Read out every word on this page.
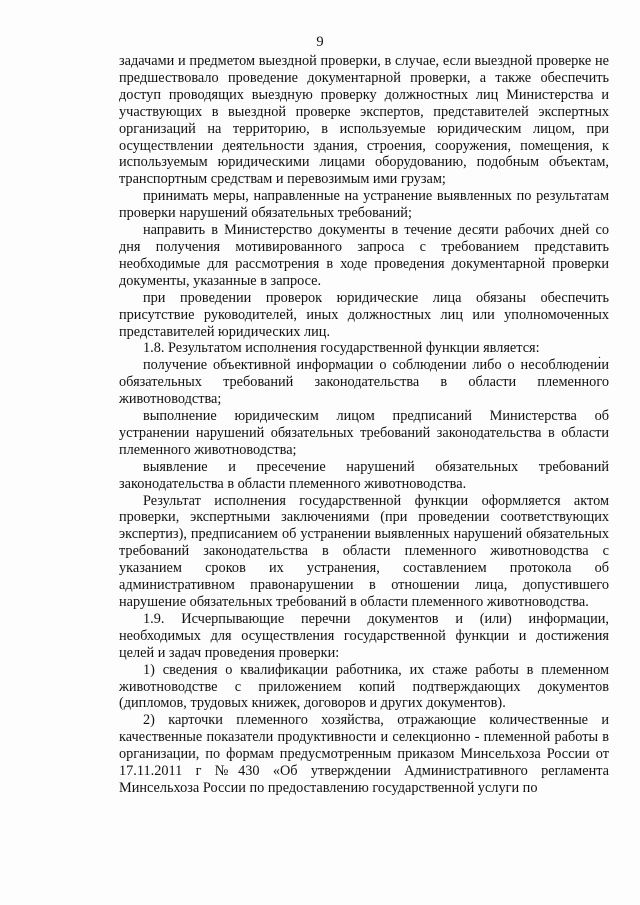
9

задачами и предметом выездной проверки, в случае, если выездной проверке не предшествовало проведение документарной проверки, а также обеспечить доступ проводящих выездную проверку должностных лиц Министерства и участвующих в выездной проверке экспертов, представителей экспертных организаций на территорию, в используемые юридическим лицом, при осуществлении деятельности здания, строения, сооружения, помещения, к используемым юридическими лицами оборудованию, подобным объектам, транспортным средствам и перевозимым ими грузам;

принимать меры, направленные на устранение выявленных по результатам проверки нарушений обязательных требований;

направить в Министерство документы в течение десяти рабочих дней со дня получения мотивированного запроса с требованием представить необходимые для рассмотрения в ходе проведения документарной проверки документы, указанные в запросе.

при проведении проверок юридические лица обязаны обеспечить присутствие руководителей, иных должностных лиц или уполномоченных представителей юридических лиц.

1.8. Результатом исполнения государственной функции является:

получение объективной информации о соблюдении либо о несоблюдении обязательных требований законодательства в области племенного животноводства;

выполнение юридическим лицом предписаний Министерства об устранении нарушений обязательных требований законодательства в области племенного животноводства;

выявление и пресечение нарушений обязательных требований законодательства в области племенного животноводства.

Результат исполнения государственной функции оформляется актом проверки, экспертными заключениями (при проведении соответствующих экспертиз), предписанием об устранении выявленных нарушений обязательных требований законодательства в области племенного животноводства с указанием сроков их устранения, составлением протокола об административном правонарушении в отношении лица, допустившего нарушение обязательных требований в области племенного животноводства.

1.9. Исчерпывающие перечни документов и (или) информации, необходимых для осуществления государственной функции и достижения целей и задач проведения проверки:

1) сведения о квалификации работника, их стаже работы в племенном животноводстве с приложением копий подтверждающих документов (дипломов, трудовых книжек, договоров и других документов).

2) карточки племенного хозяйства, отражающие количественные и качественные показатели продуктивности и селекционно - племенной работы в организации, по формам предусмотренным приказом Минсельхоза России от 17.11.2011 г №430 «Об утверждении Административного регламента Минсельхоза России по предоставлению государственной услуги по

.
